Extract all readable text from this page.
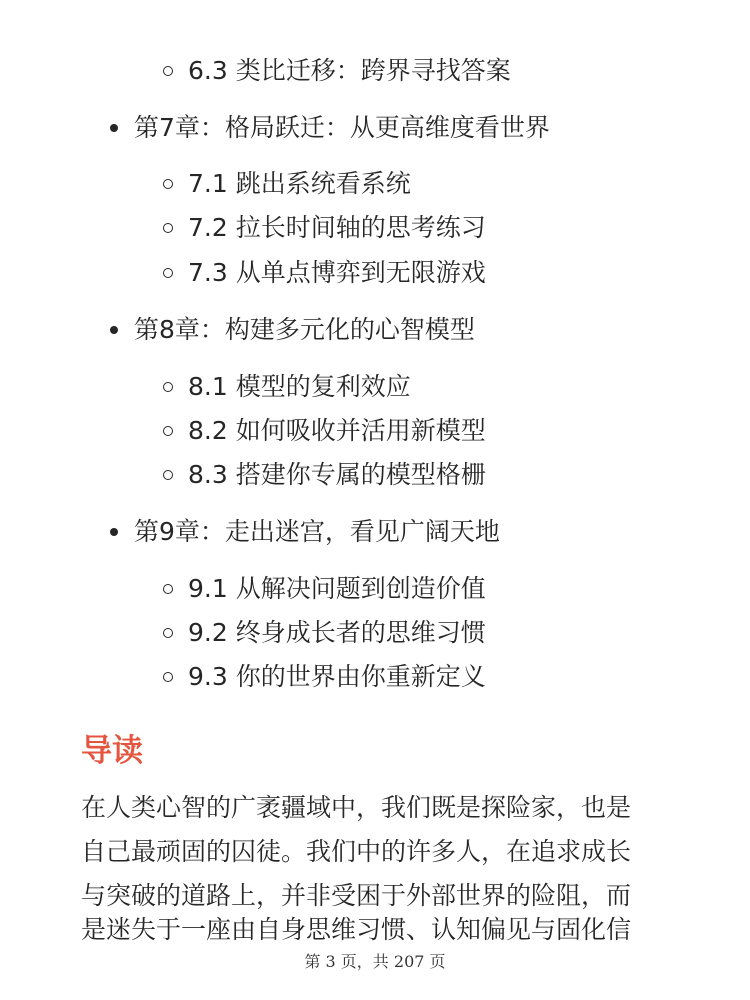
6.3 类比迁移：跨界寻找答案
第7章：格局跃迁：从更高维度看世界
7.1 跳出系统看系统
7.2 拉长时间轴的思考练习
7.3 从单点博弈到无限游戏
第8章：构建多元化的心智模型
8.1 模型的复利效应
8.2 如何吸收并活用新模型
8.3 搭建你专属的模型格栅
第9章：走出迷宫，看见广阔天地
9.1 从解决问题到创造价值
9.2 终身成长者的思维习惯
9.3 你的世界由你重新定义
导读
在人类心智的广袤疆域中，我们既是探险家，也是
自己最顽固的囚徒。我们中的许多人，在追求成长
与突破的道路上，并非受困于外部世界的险阻，而
是迷失于一座由自身思维习惯、认知偏见与固化信
第 3 页，共 207 页
